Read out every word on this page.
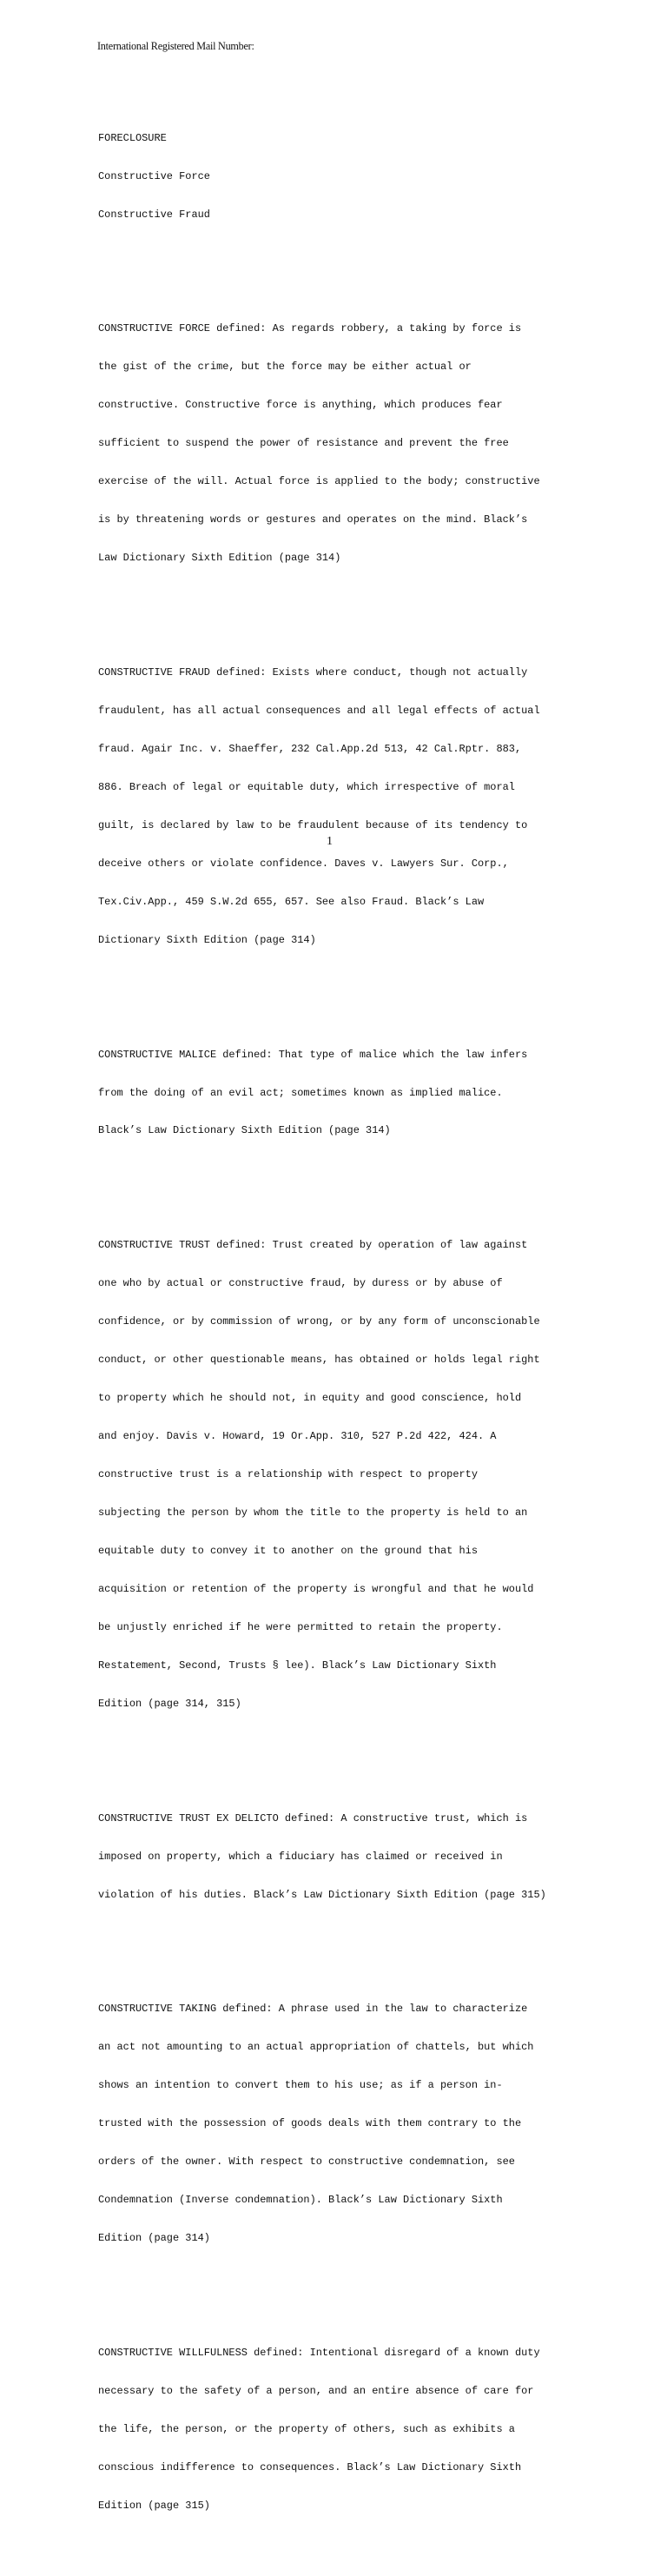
International Registered Mail Number:

FORECLOSURE

Constructive Force

Constructive Fraud

CONSTRUCTIVE FORCE defined: As regards robbery, a taking by force is

the gist of the crime, but the force may be either actual or

constructive. Constructive force is anything, which produces fear

sufficient to suspend the power of resistance and prevent the free

exercise of the will. Actual force is applied to the body; constructive

is by threatening words or gestures and operates on the mind. Black’s

Law Dictionary Sixth Edition (page 314)

CONSTRUCTIVE FRAUD defined: Exists where conduct, though not actually

fraudulent, has all actual consequences and all legal effects of actual

fraud. Agair Inc. v. Shaeffer, 232 Cal.App.2d 513, 42 Cal.Rptr. 883,

886. Breach of legal or equitable duty, which irrespective of moral

guilt, is declared by law to be fraudulent because of its tendency to

deceive others or violate confidence. Daves v. Lawyers Sur. Corp.,

Tex.Civ.App., 459 S.W.2d 655, 657. See also Fraud. Black’s Law

Dictionary Sixth Edition (page 314)

CONSTRUCTIVE MALICE defined: That type of malice which the law infers

from the doing of an evil act; sometimes known as implied malice.

Black’s Law Dictionary Sixth Edition (page 314)

CONSTRUCTIVE TRUST defined: Trust created by operation of law against

one who by actual or constructive fraud, by duress or by abuse of

confidence, or by commission of wrong, or by any form of unconscionable

conduct, or other questionable means, has obtained or holds legal right

to property which he should not, in equity and good conscience, hold

and enjoy. Davis v. Howard, 19 Or.App. 310, 527 P.2d 422, 424. A

constructive trust is a relationship with respect to property

subjecting the person by whom the title to the property is held to an

equitable duty to convey it to another on the ground that his

acquisition or retention of the property is wrongful and that he would

be unjustly enriched if he were permitted to retain the property.

Restatement, Second, Trusts § lee). Black’s Law Dictionary Sixth

Edition (page 314, 315)

CONSTRUCTIVE TRUST EX DELICTO defined: A constructive trust, which is

imposed on property, which a fiduciary has claimed or received in

violation of his duties. Black’s Law Dictionary Sixth Edition (page 315)

CONSTRUCTIVE TAKING defined: A phrase used in the law to characterize

an act not amounting to an actual appropriation of chattels, but which

shows an intention to convert them to his use; as if a person in-

trusted with the possession of goods deals with them contrary to the

orders of the owner. With respect to constructive condemnation, see

Condemnation (Inverse condemnation). Black’s Law Dictionary Sixth

Edition (page 314)

CONSTRUCTIVE WILLFULNESS defined: Intentional disregard of a known duty

necessary to the safety of a person, and an entire absence of care for

the life, the person, or the property of others, such as exhibits a

conscious indifference to consequences. Black’s Law Dictionary Sixth

Edition (page 315)

1
